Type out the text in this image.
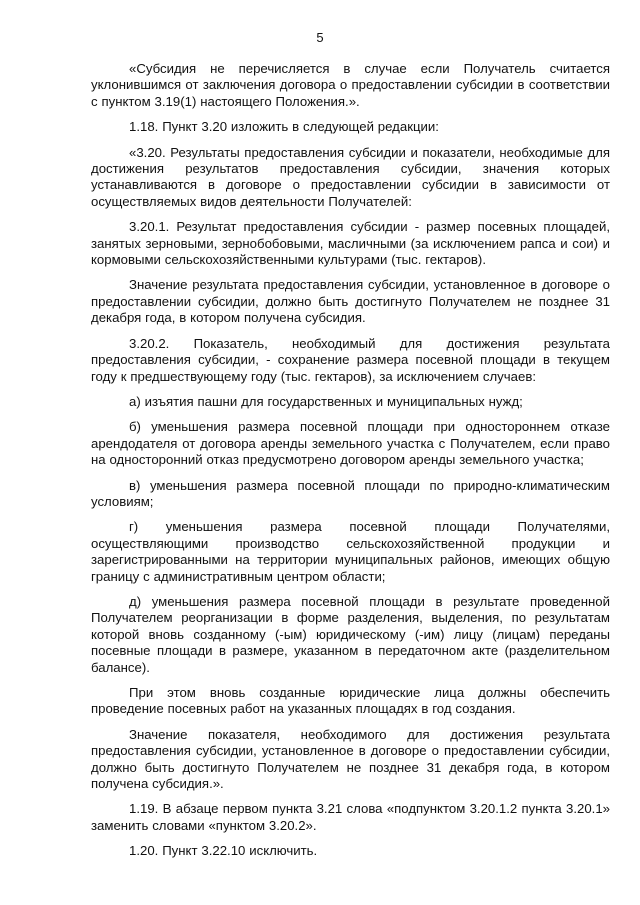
5

«Субсидия не перечисляется в случае если Получатель считается уклонившимся от заключения договора о предоставлении субсидии в соответствии с пунктом 3.19(1) настоящего Положения.».

1.18. Пункт 3.20 изложить в следующей редакции:

«3.20. Результаты предоставления субсидии и показатели, необходимые для достижения результатов предоставления субсидии, значения которых устанавливаются в договоре о предоставлении субсидии в зависимости от осуществляемых видов деятельности Получателей:

3.20.1. Результат предоставления субсидии - размер посевных площадей, занятых зерновыми, зернобобовыми, масличными (за исключением рапса и сои) и кормовыми сельскохозяйственными культурами (тыс. гектаров).

Значение результата предоставления субсидии, установленное в договоре о предоставлении субсидии, должно быть достигнуто Получателем не позднее 31 декабря года, в котором получена субсидия.

3.20.2. Показатель, необходимый для достижения результата предоставления субсидии, - сохранение размера посевной площади в текущем году к предшествующему году (тыс. гектаров), за исключением случаев:

а) изъятия пашни для государственных и муниципальных нужд;

б) уменьшения размера посевной площади при одностороннем отказе арендодателя от договора аренды земельного участка с Получателем, если право на односторонний отказ предусмотрено договором аренды земельного участка;

в) уменьшения размера посевной площади по природно-климатическим условиям;

г) уменьшения размера посевной площади Получателями, осуществляющими производство сельскохозяйственной продукции и зарегистрированными на территории муниципальных районов, имеющих общую границу с административным центром области;

д) уменьшения размера посевной площади в результате проведенной Получателем реорганизации в форме разделения, выделения, по результатам которой вновь созданному (-ым) юридическому (-им) лицу (лицам) переданы посевные площади в размере, указанном в передаточном акте (разделительном балансе).

При этом вновь созданные юридические лица должны обеспечить проведение посевных работ на указанных площадях в год создания.

Значение показателя, необходимого для достижения результата предоставления субсидии, установленное в договоре о предоставлении субсидии, должно быть достигнуто Получателем не позднее 31 декабря года, в котором получена субсидия.».

1.19. В абзаце первом пункта 3.21 слова «подпунктом 3.20.1.2 пункта 3.20.1» заменить словами «пунктом 3.20.2».

1.20. Пункт 3.22.10 исключить.
